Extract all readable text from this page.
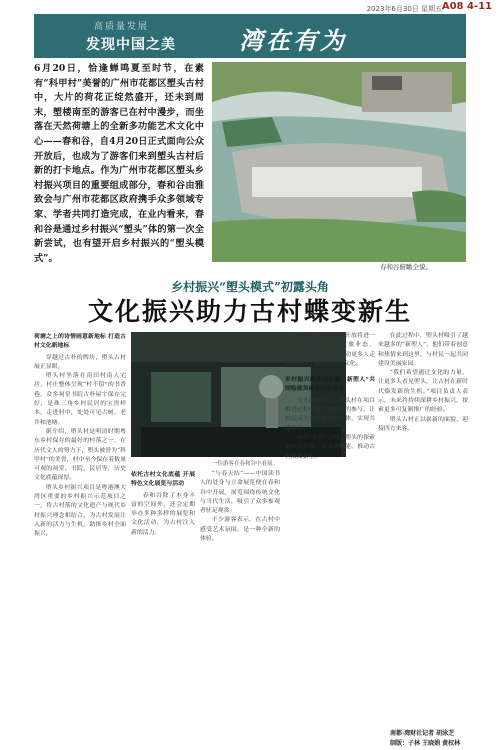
2023年6月30日 星期五 A08 4-11
高质量发展
发现中国之美	湾在有为
6月20日，恰逢蝉鸣夏至时节，在素有“科甲村”美誉的广州市花都区塱头古村中，大片的荷花正绽然盛开，还未到周末，塱楼南至的游客已在村中漫步，而坐落在天然荷塘上的全新多功能艺术文化中心——春和谷，自4月20日正式面向公众开放后，也成为了游客们来到塱头古村后新的打卡地点。作为广州市花都区塱头乡村振兴项目的重要组成部分，春和谷由雅致会与广州市花都区政府携手众多领域专家、学者共同打造完成，在业内看来，春和谷是通过乡村振兴“塱头”体的第一次全新尝试，也有望开启乡村振兴的“塱头模式”。
春和谷俯瞰全貌。
乡村振兴“塱头模式”初露头角
文化振兴助力古村蝶变新生

荷塘之上的诗情画意新地标 打造古村文化新地标

穿越过古朴的牌坊，塱头古村展正显眼。

塱头村坐落在南田村南人宅居，村庄整体呈现“村不留”的书香巷，众多祠堂书院古朴屋宇保存完好，是珠三角乡村民居的宝贵样本。走进村中，处处可见古树、老井和池塘。

据介绍，塱头村是明清时期粤东乡村保存的最好的村落之一，在历代文人的努力下，塱头被誉为“科甲村”的美誉，村中至今保存着数量可观的祠堂、书院、民居等，历史文化底蕴深厚。

塱头乡村振兴项目是粤港澳大湾区重要的乡村振兴示范项目之一，将古村落的文化遗产与现代乡村振兴理念相结合，为古村发展注入新的活力与生机，助推乡村全面振兴。

一位游客在春和谷中看展。

依托古村文化底蕴 开展特色文化展览与活动

春和谷除了本身丰富的空间外，还会定期举办多种多样的展览和文化活动，为古村注入新的活力。

“与春天结”——中国读书人的处身与立命展览便在春和谷中开展，展览围绕传统文化与当代生活，吸引了众多参观者驻足观赏。

不少游客表示，在古村中感受艺术氛围，是一种全新的体验。

廖桐说，春和谷的开放将进一步丰富塱头古村的文旅业态，以“春和谷”为纽带，带动更多人走进古村，了解岭南传统文化。

乡村振兴的共创之路 “新塱人”共同绘就美丽乡村新画卷

与元朗村相比，塱头村在项目推进过程中更注重村民的参与，让村民成为乡村振兴的主体，实现共建共享。

如何“培育”古村，塱头的探索是从人出发，以文化赋能，推动古村焕发新生。

在此过程中，塱头村吸引了越来越多的“新塱人”，他们带着创意和热情来到这里，与村民一起共同建设美丽家园。

“我们希望通过文化的力量，让更多人看见塱头，让古村在新时代焕发新的生机。”项目负责人表示，未来将持续深耕乡村振兴，探索更多可复制推广的经验。

塱头古村正以崭新的面貌，迎接四方来客。

南都·湾财社记者 胡泳芝
制版：子林 王晓娟 黄权林
